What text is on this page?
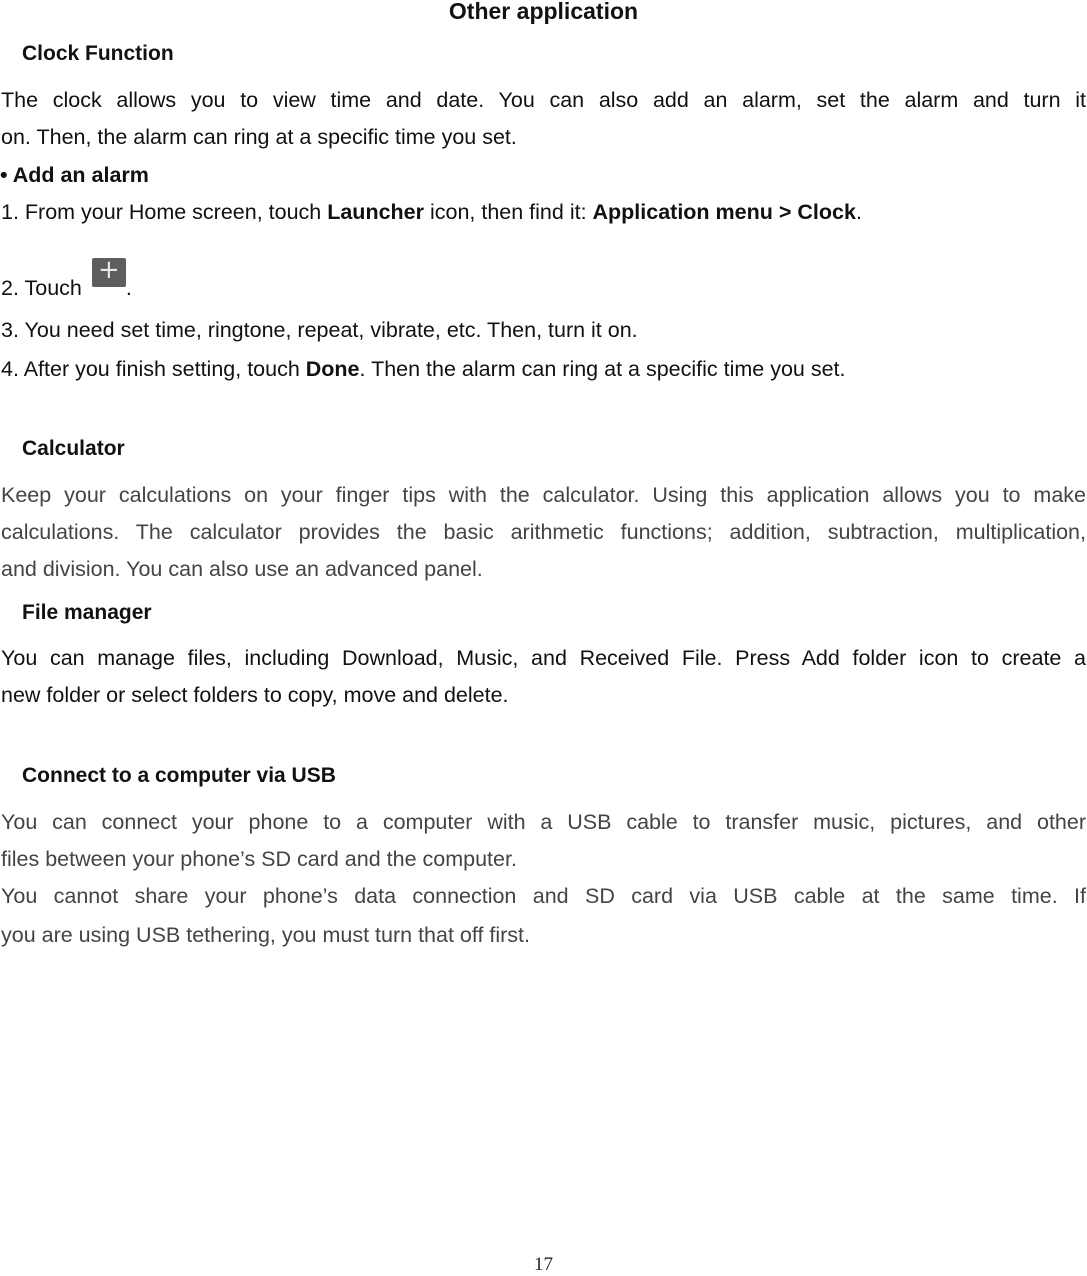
Other application
Clock Function
The clock allows you to view time and date. You can also add an alarm, set the alarm and turn it
on. Then, the alarm can ring at a specific time you set.
• Add an alarm
1. From your Home screen, touch Launcher icon, then find it: Application menu > Clock.
2. Touch
+
.
3. You need set time, ringtone, repeat, vibrate, etc. Then, turn it on.
4. After you finish setting, touch Done. Then the alarm can ring at a specific time you set.
Calculator
Keep your calculations on your finger tips with the calculator. Using this application allows you to make
calculations. The calculator provides the basic arithmetic functions; addition, subtraction, multiplication,
and division. You can also use an advanced panel.
File manager
You can manage files, including Download, Music, and Received File. Press Add folder icon to create a
new folder or select folders to copy, move and delete.
Connect to a computer via USB
You can connect your phone to a computer with a USB cable to transfer music, pictures, and other
files between your phone’s SD card and the computer.
You cannot share your phone’s data connection and SD card via USB cable at the same time. If
you are using USB tethering, you must turn that off first.
17
